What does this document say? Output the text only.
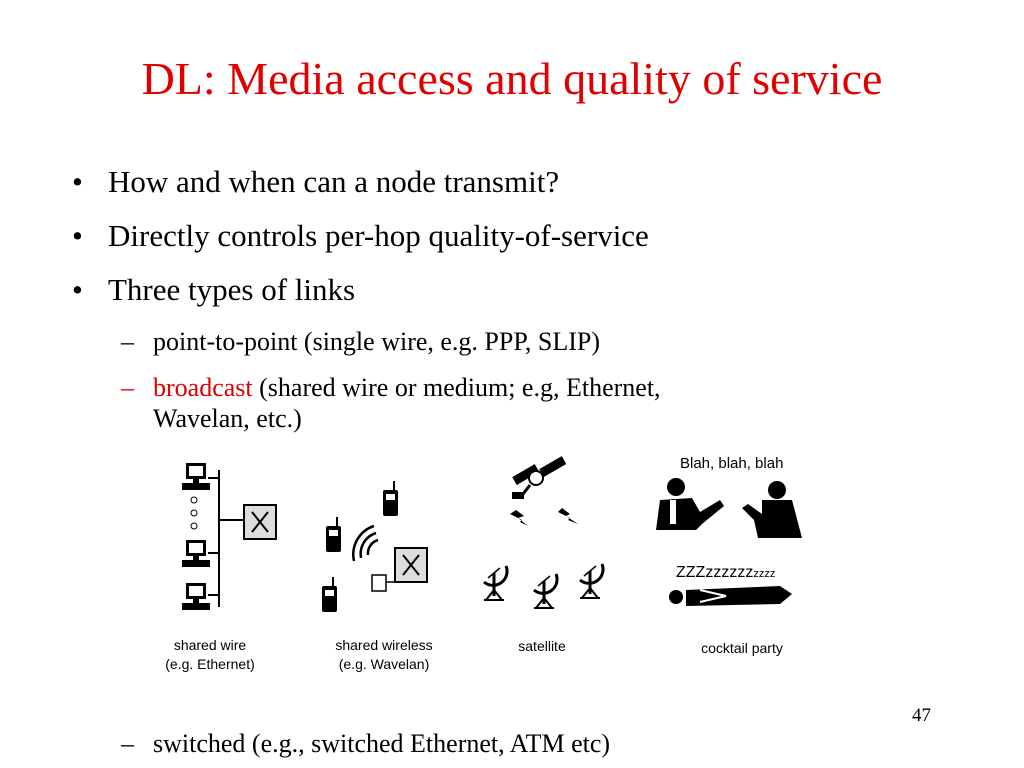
DL: Media access and quality of service
• How and when can a node transmit?
• Directly controls per-hop quality-of-service
• Three types of links
– point-to-point (single wire, e.g. PPP, SLIP)
– broadcast (shared wire or medium; e.g, Ethernet,
Wavelan, etc.)
– switched (e.g., switched Ethernet, ATM etc)
Blah, blah, blah
ZZZzzzzzzzzzz
shared wire
(e.g. Ethernet)
shared wireless
(e.g. Wavelan)
satellite	cocktail party
47
